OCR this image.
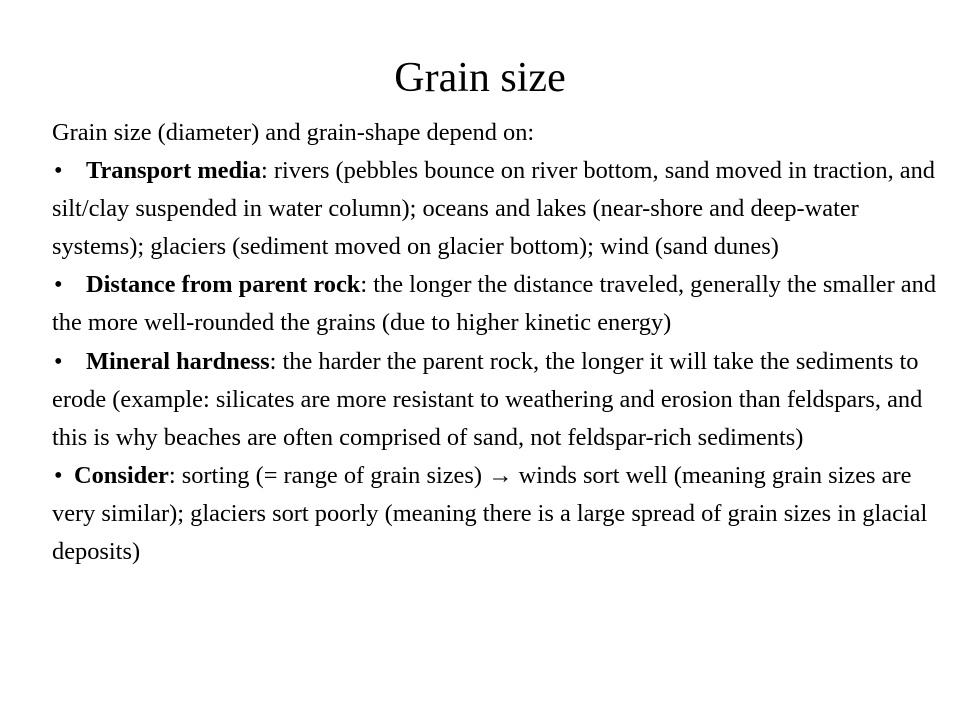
Grain size

Grain size (diameter) and grain-shape depend on:

• Transport media: rivers (pebbles bounce on river bottom, sand moved in traction, and silt/clay suspended in water column); oceans and lakes (near-shore and deep-water systems); glaciers (sediment moved on glacier bottom); wind (sand dunes)

• Distance from parent rock: the longer the distance traveled, generally the smaller and the more well-rounded the grains (due to higher kinetic energy)

• Mineral hardness: the harder the parent rock, the longer it will take the sediments to erode (example: silicates are more resistant to weathering and erosion than feldspars, and this is why beaches are often comprised of sand, not feldspar-rich sediments)

• Consider: sorting (= range of grain sizes) → winds sort well (meaning grain sizes are very similar); glaciers sort poorly (meaning there is a large spread of grain sizes in glacial deposits)
